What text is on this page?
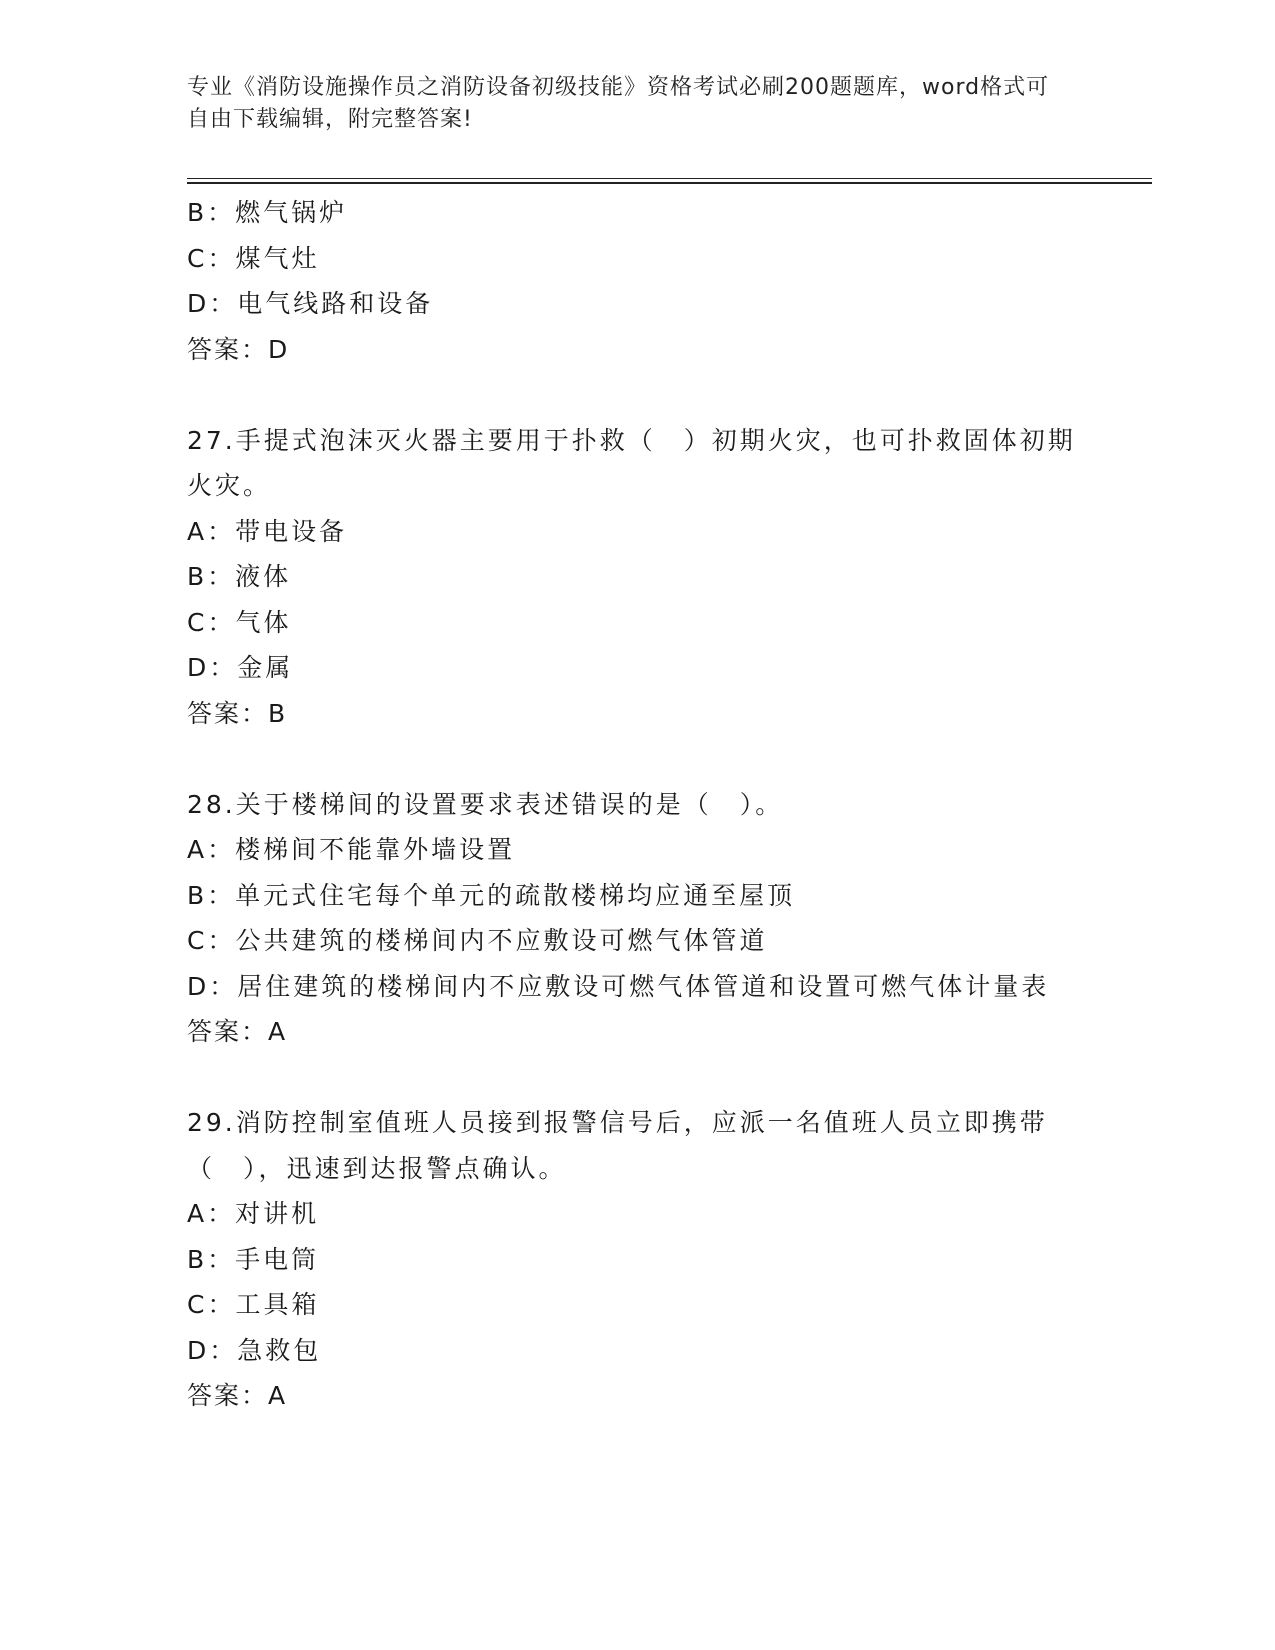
专业《消防设施操作员之消防设备初级技能》资格考试必刷200题题库，word格式可自由下载编辑，附完整答案!
B：燃气锅炉
C：煤气灶
D：电气线路和设备
答案：D
27.手提式泡沫灭火器主要用于扑救（　）初期火灾，也可扑救固体初期火灾。
A：带电设备
B：液体
C：气体
D：金属
答案：B
28.关于楼梯间的设置要求表述错误的是（　）。
A：楼梯间不能靠外墙设置
B：单元式住宅每个单元的疏散楼梯均应通至屋顶
C：公共建筑的楼梯间内不应敷设可燃气体管道
D：居住建筑的楼梯间内不应敷设可燃气体管道和设置可燃气体计量表
答案：A
29.消防控制室值班人员接到报警信号后，应派一名值班人员立即携带（　），迅速到达报警点确认。
A：对讲机
B：手电筒
C：工具箱
D：急救包
答案：A
